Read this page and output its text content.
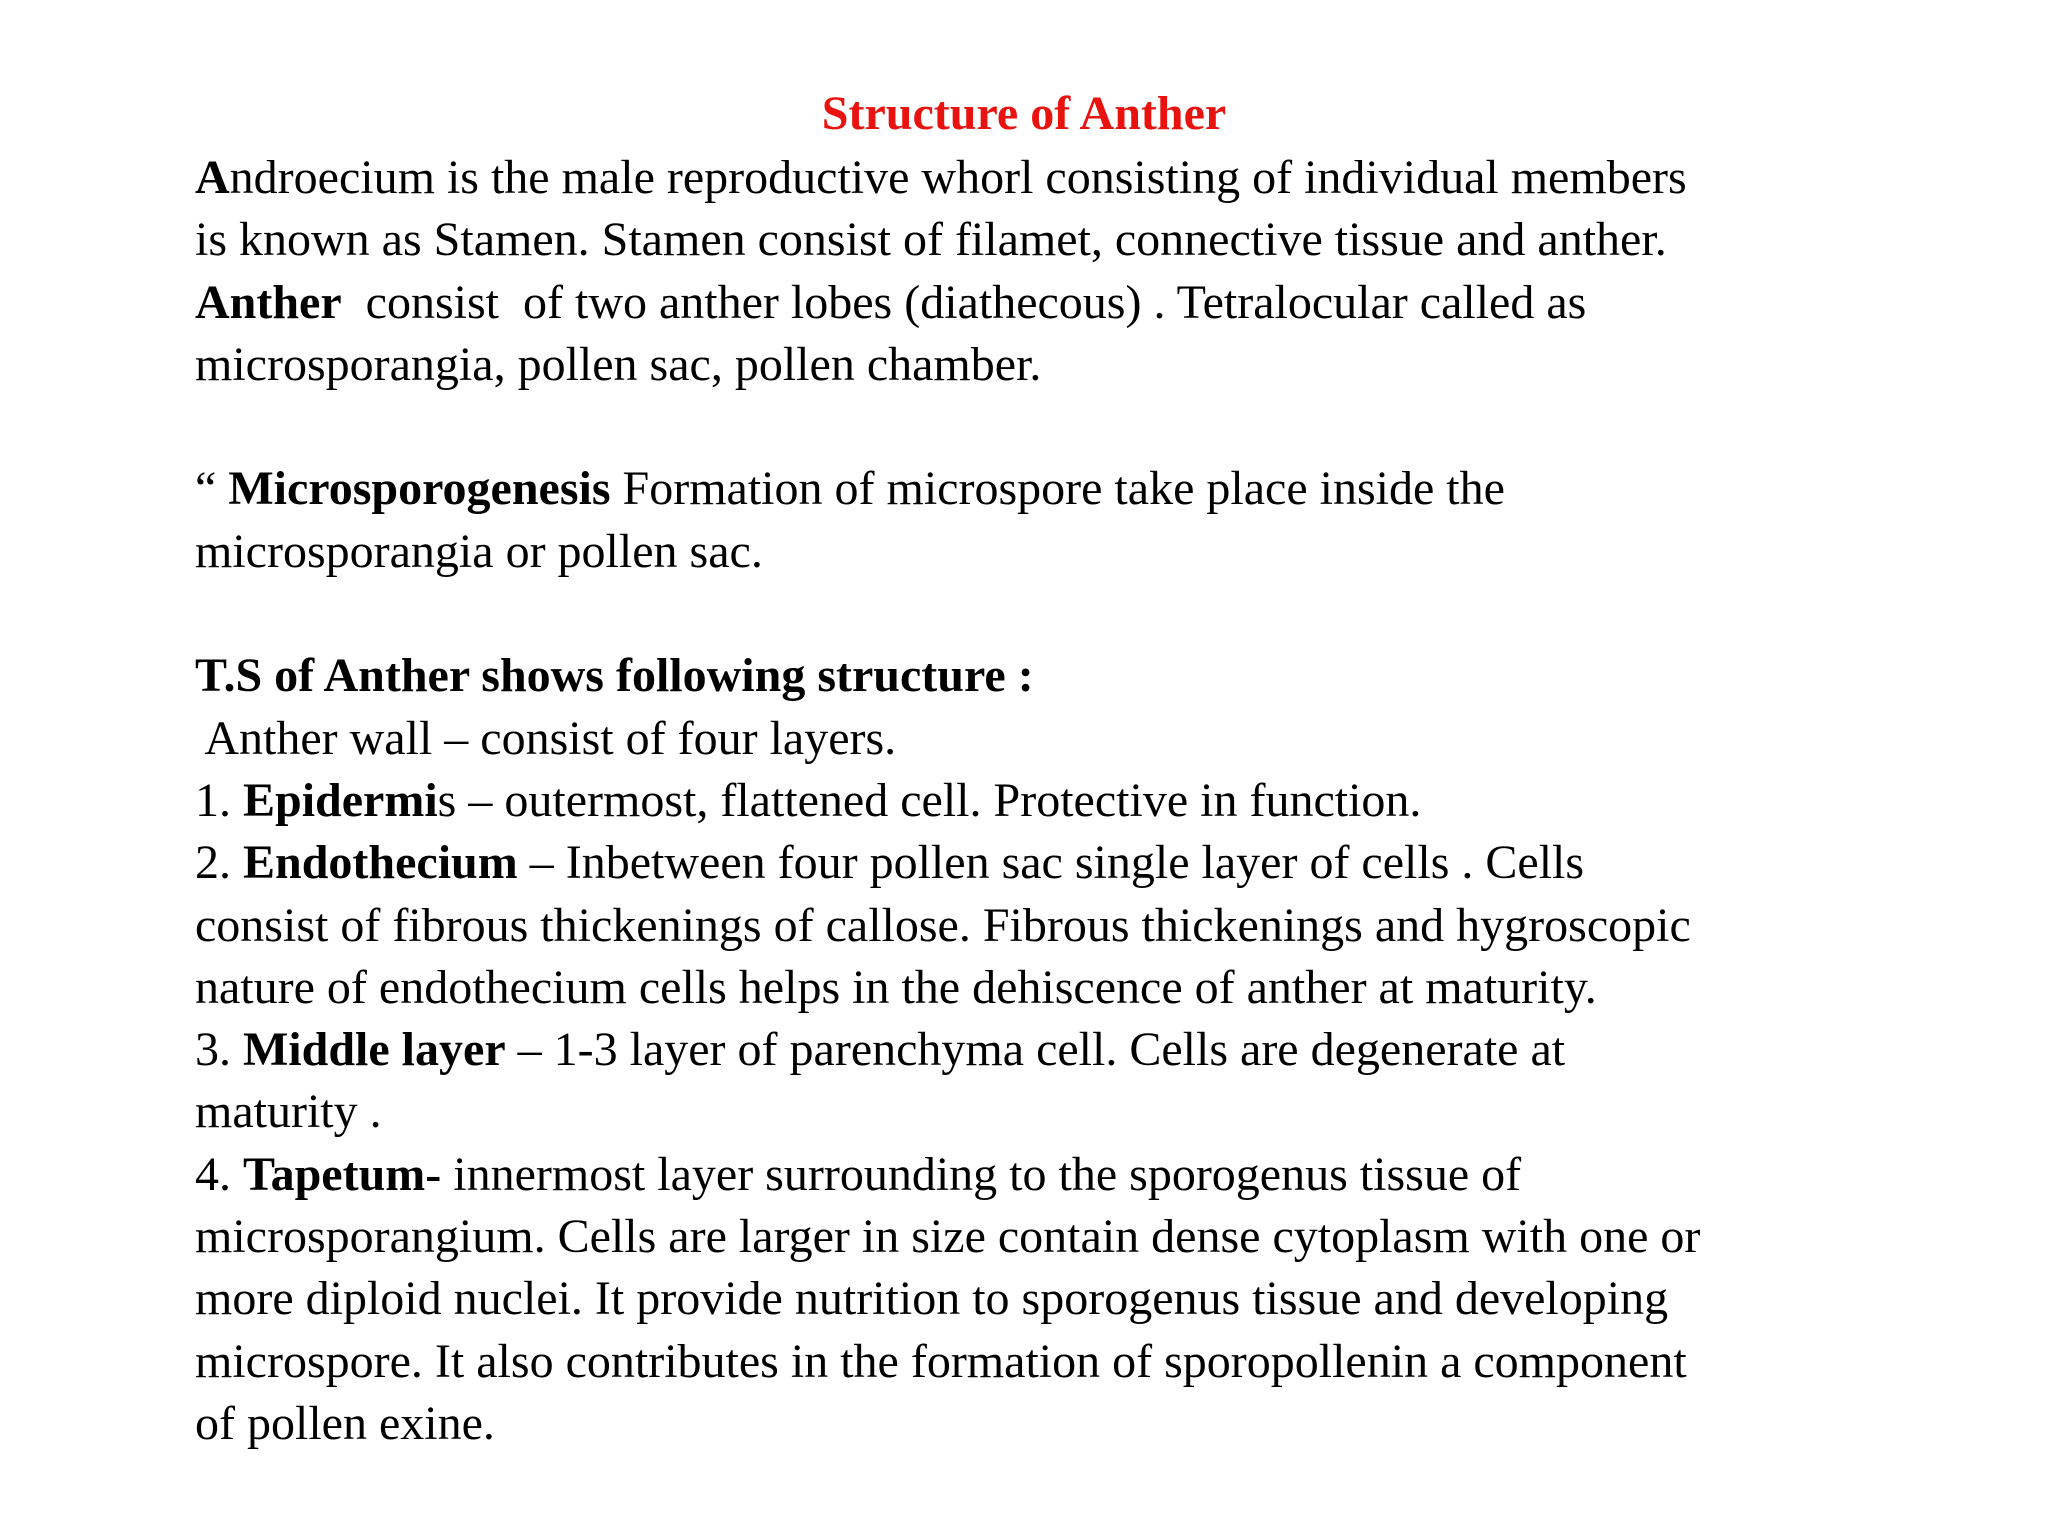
Structure of Anther
Androecium is the male reproductive whorl consisting of individual members
is known as Stamen. Stamen consist of filamet, connective tissue and anther.
Anther  consist  of two anther lobes (diathecous) . Tetralocular called as
microsporangia, pollen sac, pollen chamber.
“ Microsporogenesis Formation of microspore take place inside the
microsporangia or pollen sac.
T.S of Anther shows following structure :
Anther wall – consist of four layers.
1. Epidermis – outermost, flattened cell. Protective in function.
2. Endothecium – Inbetween four pollen sac single layer of cells . Cells
consist of fibrous thickenings of callose. Fibrous thickenings and hygroscopic
nature of endothecium cells helps in the dehiscence of anther at maturity.
3. Middle layer – 1-3 layer of parenchyma cell. Cells are degenerate at
maturity .
4. Tapetum- innermost layer surrounding to the sporogenus tissue of
microsporangium. Cells are larger in size contain dense cytoplasm with one or
more diploid nuclei. It provide nutrition to sporogenus tissue and developing
microspore. It also contributes in the formation of sporopollenin a component
of pollen exine.
